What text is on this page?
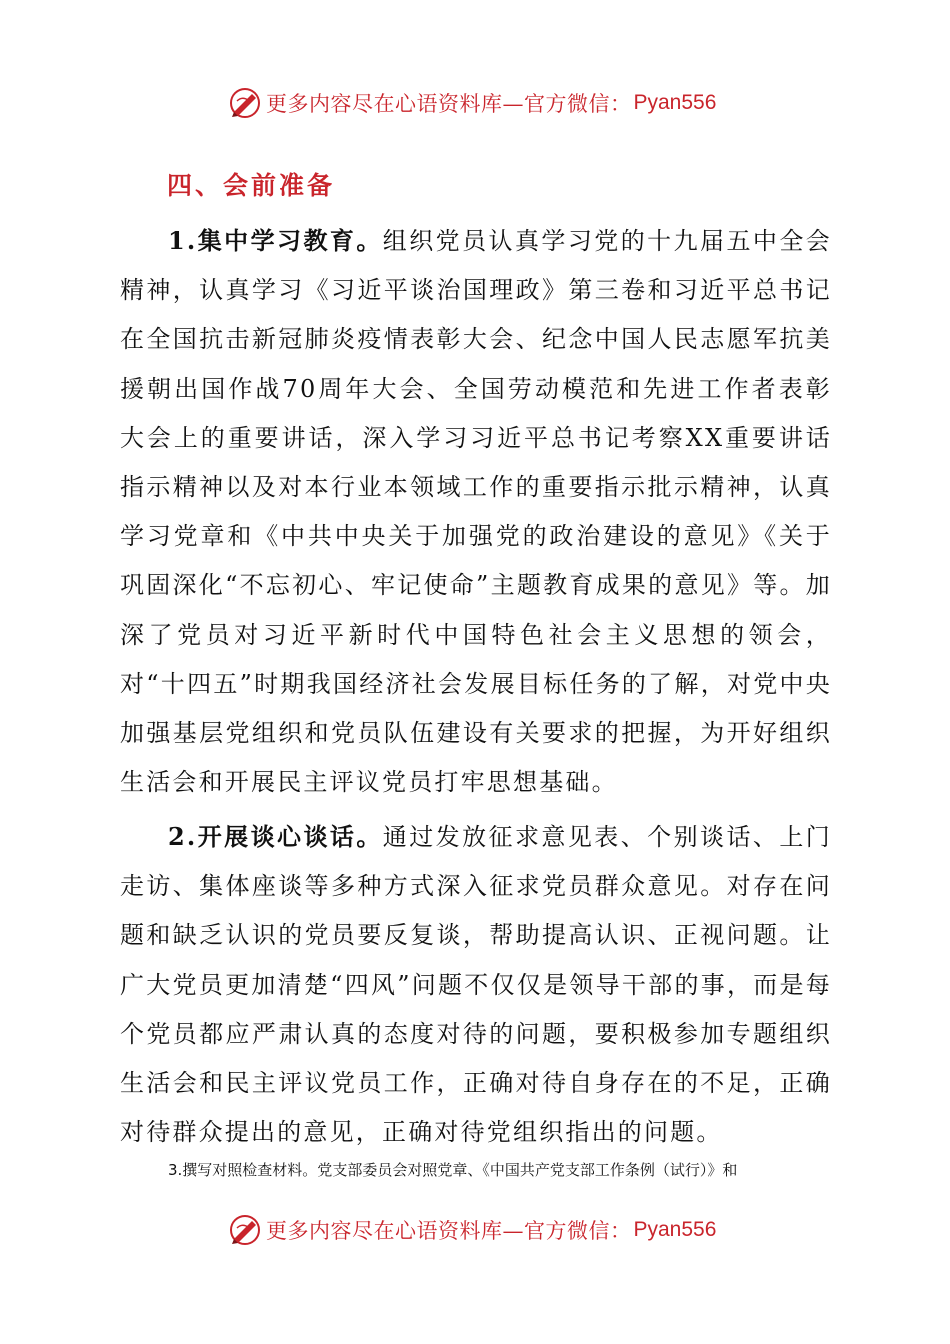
更多内容尽在心语资料库—官方微信： Pyan556
四、会前准备

1.集中学习教育。组织党员认真学习党的十九届五中全会精神，认真学习《习近平谈治国理政》第三卷和习近平总书记在全国抗击新冠肺炎疫情表彰大会、纪念中国人民志愿军抗美援朝出国作战70周年大会、全国劳动模范和先进工作者表彰大会上的重要讲话，深入学习习近平总书记考察XX重要讲话指示精神以及对本行业本领域工作的重要指示批示精神，认真学习党章和《中共中央关于加强党的政治建设的意见》《关于巩固深化“不忘初心、牢记使命”主题教育成果的意见》等。加深了党员对习近平新时代中国特色社会主义思想的领会，对“十四五”时期我国经济社会发展目标任务的了解，对党中央加强基层党组织和党员队伍建设有关要求的把握，为开好组织生活会和开展民主评议党员打牢思想基础。

2.开展谈心谈话。通过发放征求意见表、个别谈话、上门走访、集体座谈等多种方式深入征求党员群众意见。对存在问题和缺乏认识的党员要反复谈，帮助提高认识、正视问题。让广大党员更加清楚“四风”问题不仅仅是领导干部的事，而是每个党员都应严肃认真的态度对待的问题，要积极参加专题组织生活会和民主评议党员工作，正确对待自身存在的不足，正确对待群众提出的意见，正确对待党组织指出的问题。

3.撰写对照检查材料。党支部委员会对照党章、《中国共产党支部工作条例（试行）》和
更多内容尽在心语资料库—官方微信： Pyan556
